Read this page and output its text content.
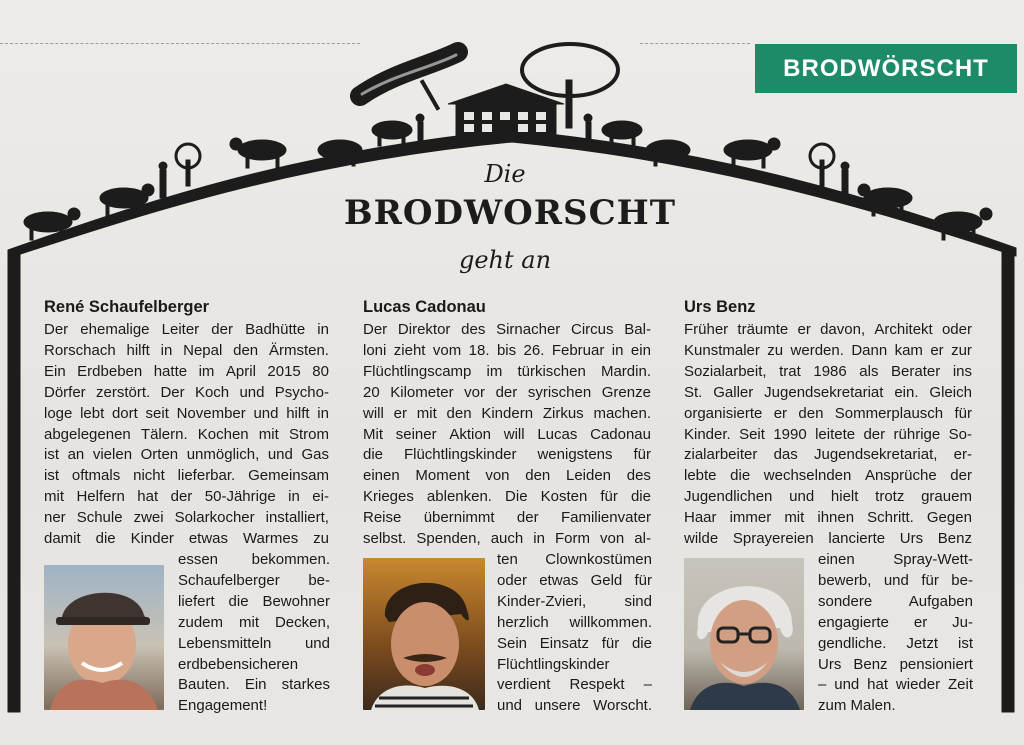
BRODWÖRSCHT
Die
BRODWORSCHT
geht an
René Schaufelberger

Der ehemalige Leiter der Badhütte in
Rorschach hilft in Nepal den Ärmsten.
Ein Erdbeben hatte im April 2015 80
Dörfer zerstört. Der Koch und Psycho-
loge lebt dort seit November und hilft in
abgelegenen Tälern. Kochen mit Strom
ist an vielen Orten unmöglich, und Gas
ist oftmals nicht lieferbar. Gemeinsam
mit Helfern hat der 50-Jährige in ei-
ner Schule zwei Solarkocher installiert,
damit die Kinder etwas Warmes zu

essen bekommen.
Schaufelberger be-
liefert die Bewohner
zudem mit Decken,
Lebensmitteln und
erdbebensicheren
Bauten. Ein starkes
Engagement!

Lucas Cadonau

Der Direktor des Sirnacher Circus Bal-
loni zieht vom 18. bis 26. Februar in ein
Flüchtlingscamp im türkischen Mardin.
20 Kilometer vor der syrischen Grenze
will er mit den Kindern Zirkus machen.
Mit seiner Aktion will Lucas Cadonau
die Flüchtlingskinder wenigstens für
einen Moment von den Leiden des
Krieges ablenken. Die Kosten für die
Reise übernimmt der Familienvater
selbst. Spenden, auch in Form von al-

ten Clownkostümen
oder etwas Geld für
Kinder-Zvieri,	sind
herzlich willkommen.
Sein Einsatz für die
Flüchtlingskinder
verdient Respekt –
und unsere Worscht.

Urs Benz

Früher träumte er davon, Architekt oder
Kunstmaler zu werden. Dann kam er zur
Sozialarbeit, trat 1986 als Berater ins
St. Galler Jugendsekretariat ein. Gleich
organisierte er den Sommerplausch für
Kinder. Seit 1990 leitete der rührige So-
zialarbeiter das Jugendsekretariat, er-
lebte die wechselnden Ansprüche der
Jugendlichen und hielt trotz grauem
Haar immer mit ihnen Schritt. Gegen
wilde Sprayereien lancierte Urs Benz

einen	Spray-Wett-
bewerb, und für be-
sondere Aufgaben
engagierte er Ju-
gendliche. Jetzt ist
Urs Benz pensioniert
– und hat wieder Zeit
zum Malen.
